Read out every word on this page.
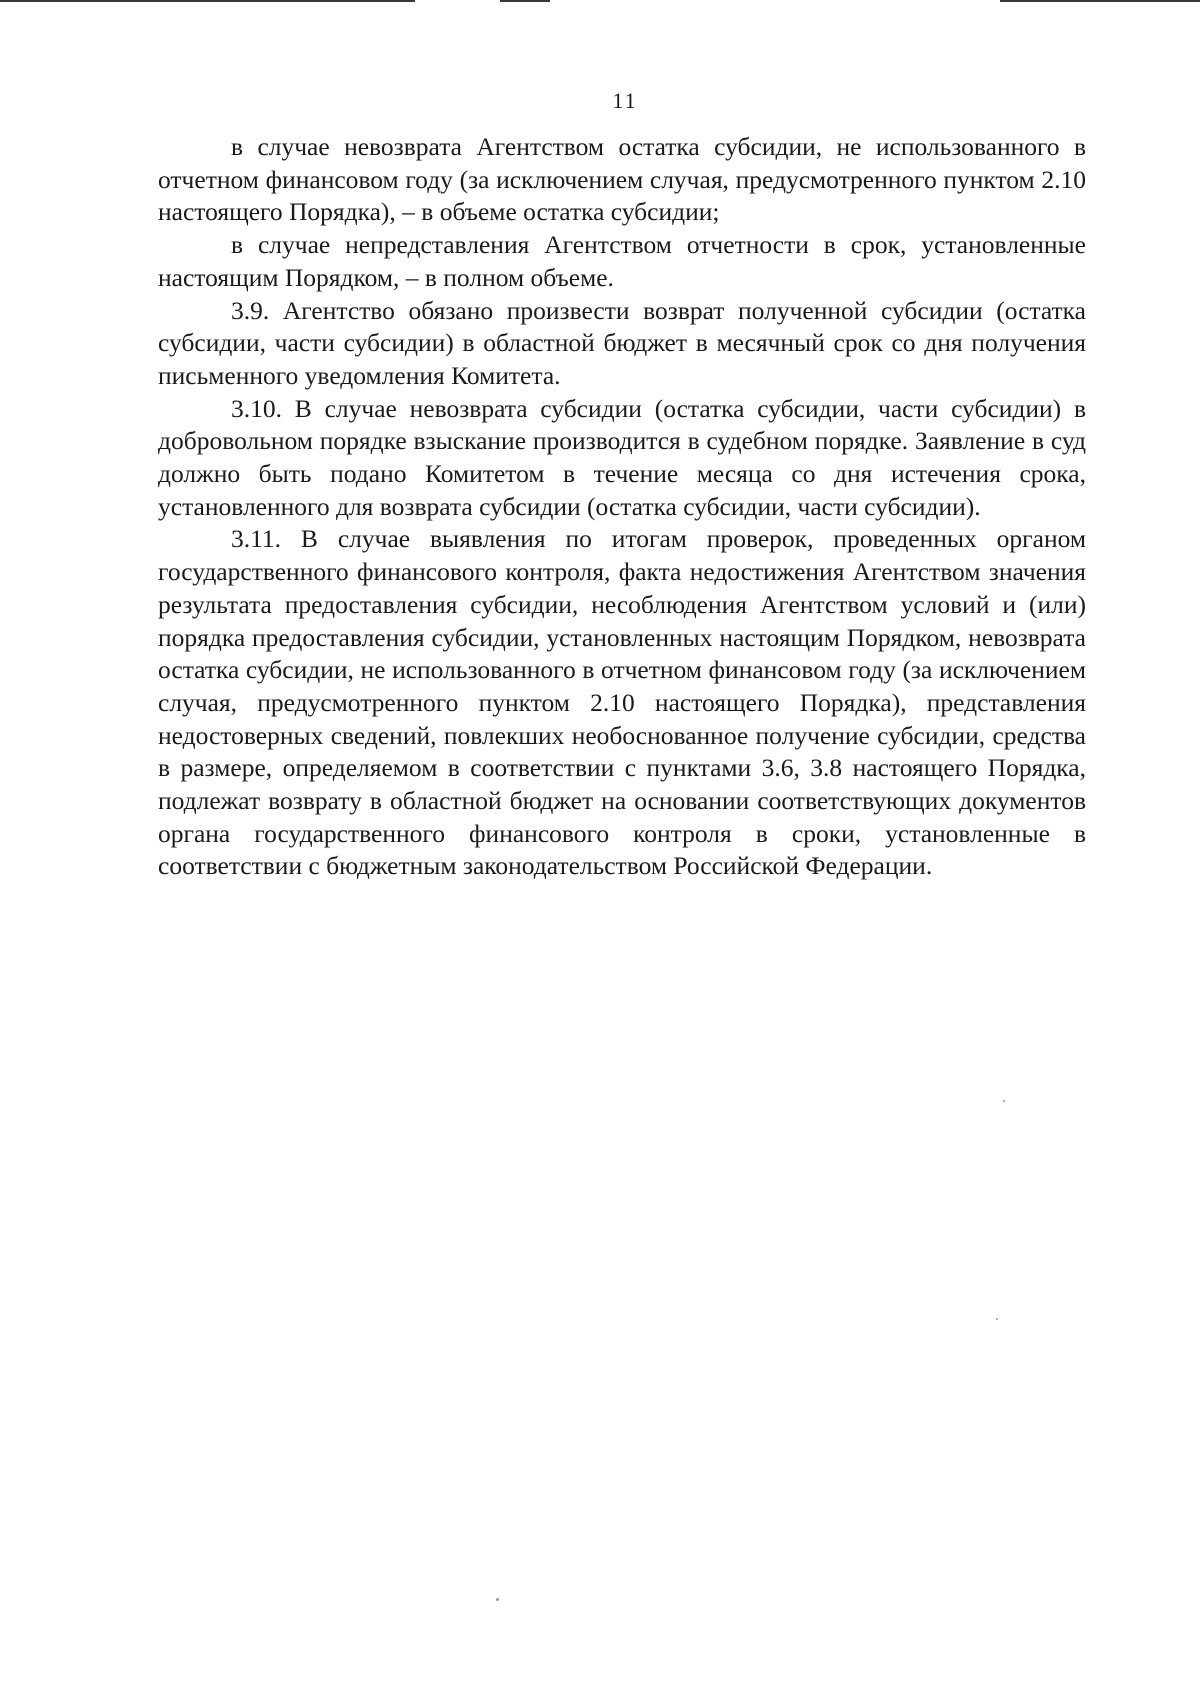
11

в случае невозврата Агентством остатка субсидии, не использованного в отчетном финансовом году (за исключением случая, предусмотренного пунктом 2.10 настоящего Порядка), – в объеме остатка субсидии;

в случае непредставления Агентством отчетности в срок, установленные настоящим Порядком, – в полном объеме.

3.9. Агентство обязано произвести возврат полученной субсидии (остатка субсидии, части субсидии) в областной бюджет в месячный срок со дня получения письменного уведомления Комитета.

3.10. В случае невозврата субсидии (остатка субсидии, части субсидии) в добровольном порядке взыскание производится в судебном порядке. Заявление в суд должно быть подано Комитетом в течение месяца со дня истечения срока, установленного для возврата субсидии (остатка субсидии, части субсидии).

3.11. В случае выявления по итогам проверок, проведенных органом государственного финансового контроля, факта недостижения Агентством значения результата предоставления субсидии, несоблюдения Агентством условий и (или) порядка предоставления субсидии, установленных настоящим Порядком, невозврата остатка субсидии, не использованного в отчетном финансовом году (за исключением случая, предусмотренного пунктом 2.10 настоящего Порядка), представления недостоверных сведений, повлекших необоснованное получение субсидии, средства в размере, определяемом в соответствии с пунктами 3.6, 3.8 настоящего Порядка, подлежат возврату в областной бюджет на основании соответствующих документов органа государственного финансового контроля в сроки, установленные в соответствии с бюджетным законодательством Российской Федерации.
